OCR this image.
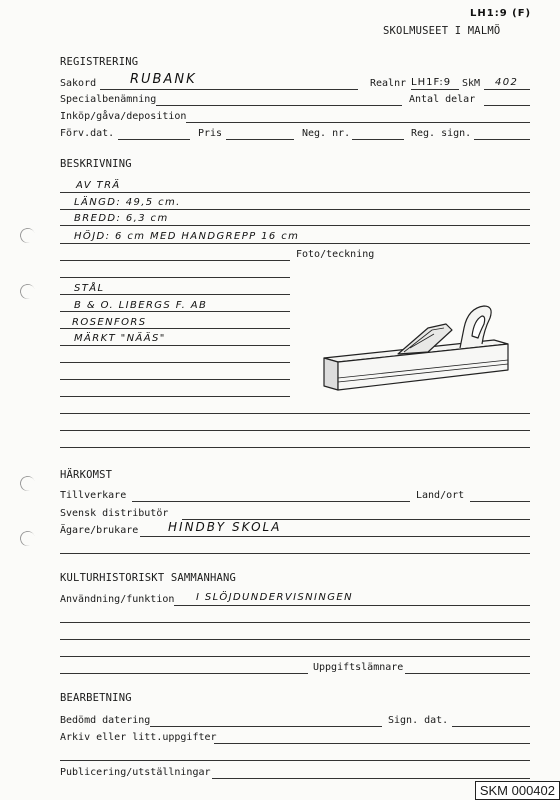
LH1:9 (F)
SKOLMUSEET I MALMÖ
REGISTRERING
Sakord	RUBANK	Realnr LH1F:9 SkM 402
Specialbenämning	Antal delar
Inköp/gåva/deposition
Förv.dat.	Pris	Neg. nr.	Reg. sign.
BESKRIVNING
AV TRÄ
LÄNGD: 49,5 cm.
BREDD: 6,3 cm
HÖJD: 6 cm MED HANDGREPP 16 cm
Foto/teckning
STÅL
B & O. LIBERGS F. AB
ROSENFORS
MÄRKT "NÄÄS"
HÄRKOMST
Tillverkare	Land/ort
Svensk distributör
Ägare/brukare HINDBY SKOLA
KULTURHISTORISKT SAMMANHANG
Användning/funktion I SLÖJDUNDERVISNINGEN
Uppgiftslämnare
BEARBETNING
Bedömd datering	Sign. dat.
Arkiv eller litt.uppgifter
Publicering/utställningar
SKM 000402
